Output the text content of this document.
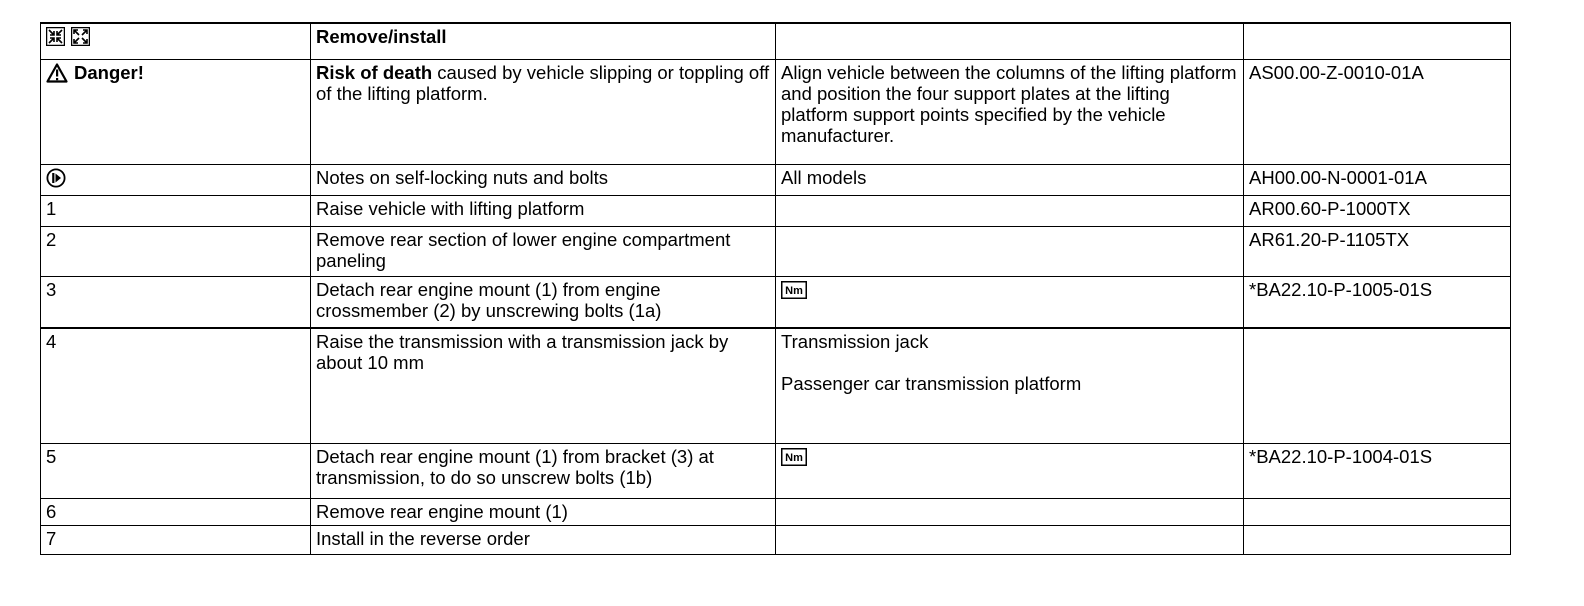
	Remove/install		

Danger!	Risk of death caused by vehicle slipping or toppling off of the lifting platform.	Align vehicle between the columns of the lifting platform and position the four support plates at the lifting platform support points specified by the vehicle manufacturer.	AS00.00-Z-0010-01A
	Notes on self-locking nuts and bolts	All models	AH00.00-N-0001-01A
1	Raise vehicle with lifting platform		AR00.60-P-1000TX
2	Remove rear section of lower engine compartment paneling		AR61.20-P-1105TX
3	Detach rear engine mount (1) from engine crossmember (2) by unscrewing bolts (1a)	Nm	*BA22.10-P-1005-01S
4	Raise the transmission with a transmission jack by about 10 mm	Transmission jack
Passenger car transmission platform	

5	Detach rear engine mount (1) from bracket (3) at transmission, to do so unscrew bolts (1b)	Nm	*BA22.10-P-1004-01S
6	Remove rear engine mount (1)		
7	Install in the reverse order		
